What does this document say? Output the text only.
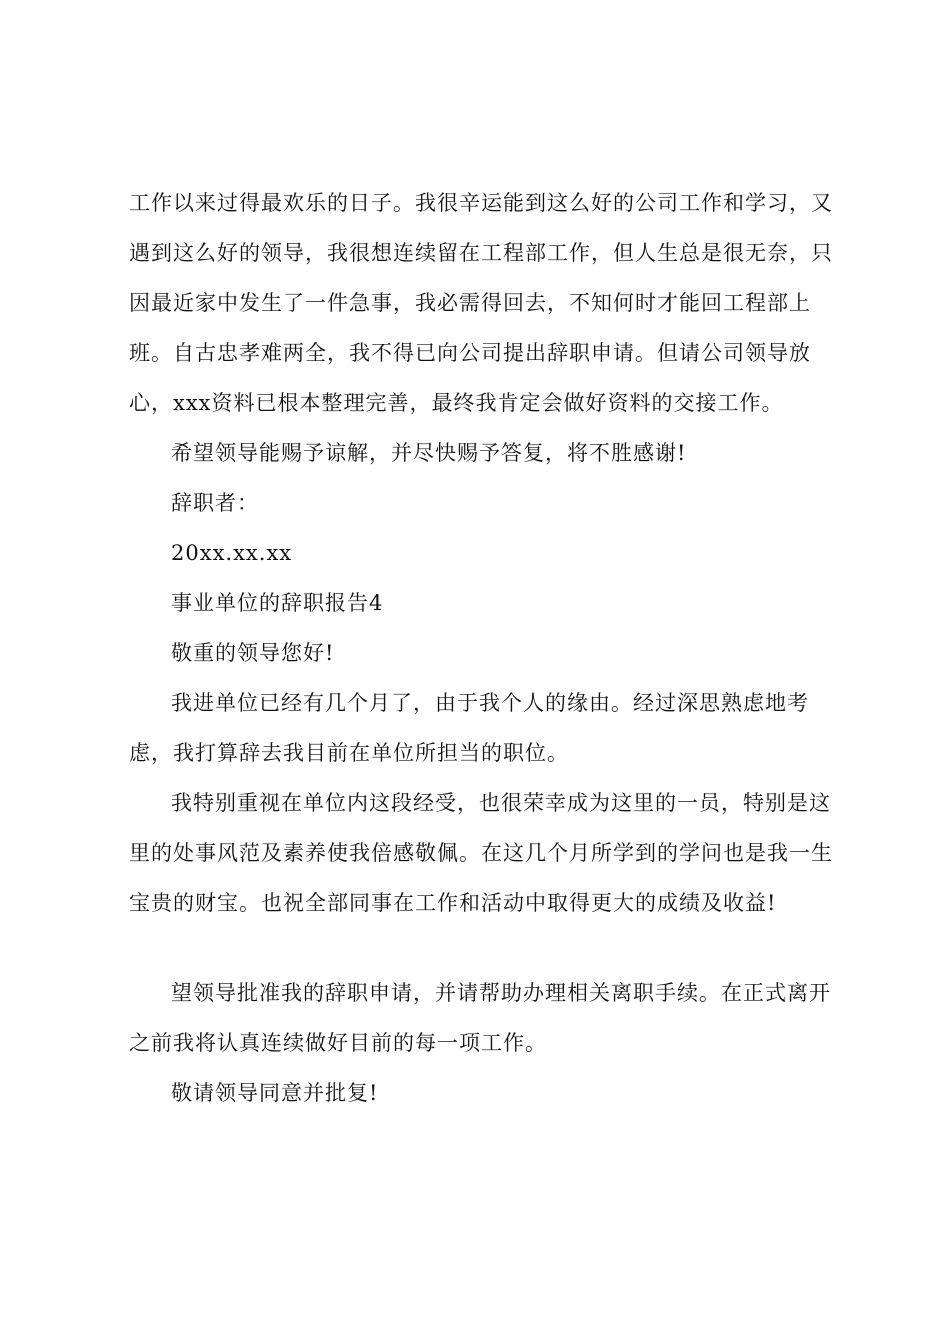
工作以来过得最欢乐的日子。我很辛运能到这么好的公司工作和学习，又遇到这么好的领导，我很想连续留在工程部工作，但人生总是很无奈，只因最近家中发生了一件急事，我必需得回去，不知何时才能回工程部上班。自古忠孝难两全，我不得已向公司提出辞职申请。但请公司领导放心，xxx资料已根本整理完善，最终我肯定会做好资料的交接工作。

希望领导能赐予谅解，并尽快赐予答复，将不胜感谢!

辞职者：

20xx.xx.xx

事业单位的辞职报告4

敬重的领导您好!

我进单位已经有几个月了，由于我个人的缘由。经过深思熟虑地考虑，我打算辞去我目前在单位所担当的职位。

我特别重视在单位内这段经受，也很荣幸成为这里的一员，特别是这里的处事风范及素养使我倍感敬佩。在这几个月所学到的学问也是我一生宝贵的财宝。也祝全部同事在工作和活动中取得更大的成绩及收益!

望领导批准我的辞职申请，并请帮助办理相关离职手续。在正式离开之前我将认真连续做好目前的每一项工作。

敬请领导同意并批复!
